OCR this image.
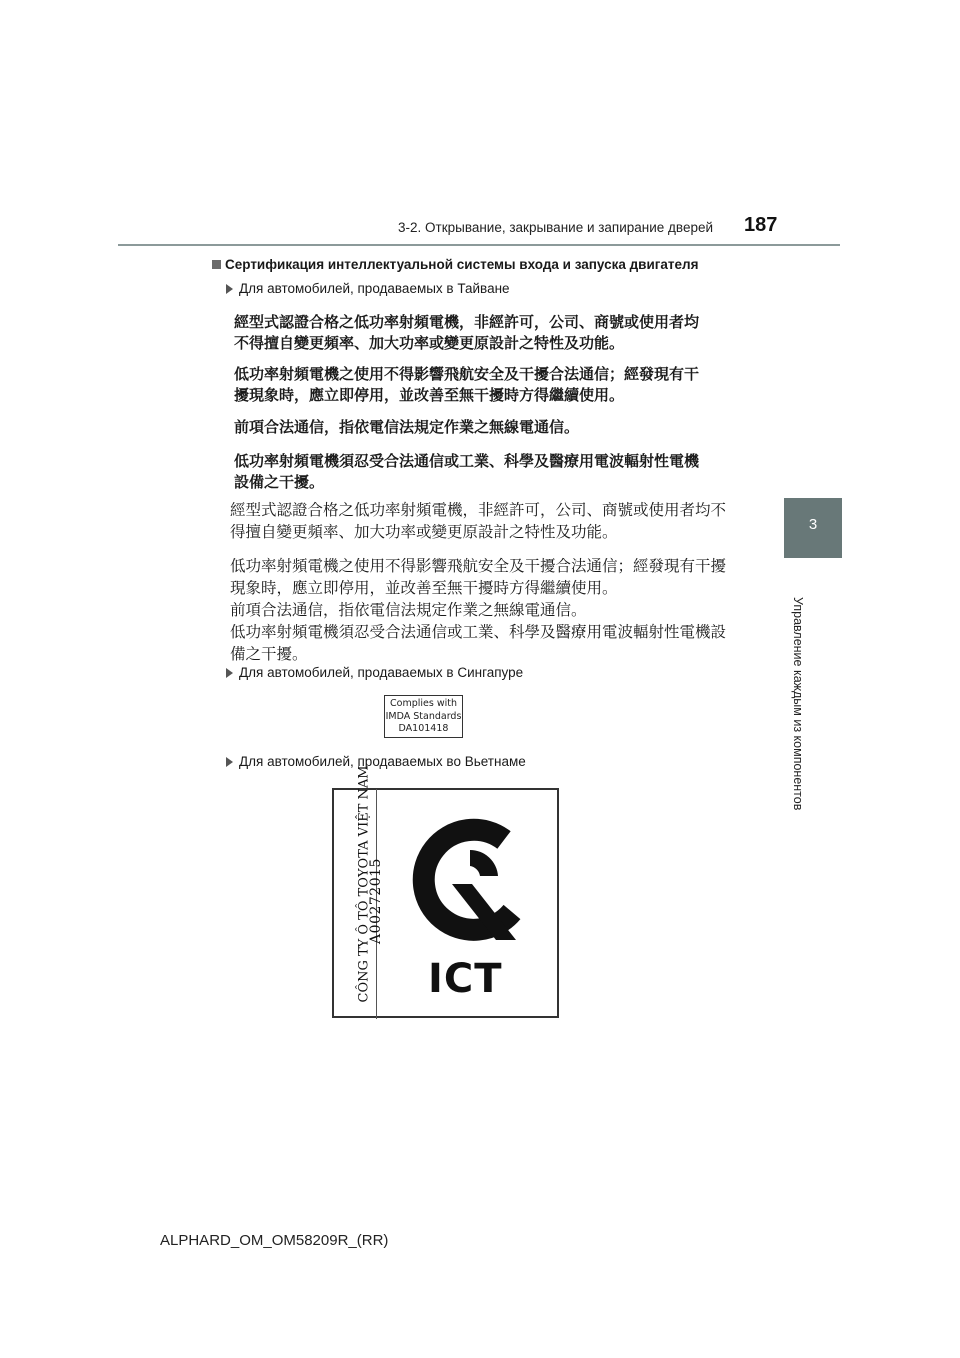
3-2. Открывание, закрывание и запирание дверей 187
3
Управление каждым из компонентов
Сертификация интеллектуальной системы входа и запуска двигателя
Для автомобилей, продаваемых в Тайване
經型式認證合格之低功率射頻電機，非經許可，公司、商號或使用者均
不得擅自變更頻率、加大功率或變更原設計之特性及功能。
低功率射頻電機之使用不得影響飛航安全及干擾合法通信；經發現有干
擾現象時，應立即停用，並改善至無干擾時方得繼續使用。
前項合法通信，指依電信法規定作業之無線電通信。
低功率射頻電機須忍受合法通信或工業、科學及醫療用電波輻射性電機
設備之干擾。
經型式認證合格之低功率射頻電機，非經許可，公司、商號或使用者均不
得擅自變更頻率、加大功率或變更原設計之特性及功能。
低功率射頻電機之使用不得影響飛航安全及干擾合法通信；經發現有干擾
現象時，應立即停用，並改善至無干擾時方得繼續使用。
前項合法通信，指依電信法規定作業之無線電通信。
低功率射頻電機須忍受合法通信或工業、科學及醫療用電波輻射性電機設
備之干擾。
Для автомобилей, продаваемых в Сингапуре
Complies with
IMDA Standards
DA101418
Для автомобилей, продаваемых во Вьетнаме
CÔNG TY Ô TÔ TOYOTA VIỆT NAM
A00272015
ICT
ALPHARD_OM_OM58209R_(RR)
